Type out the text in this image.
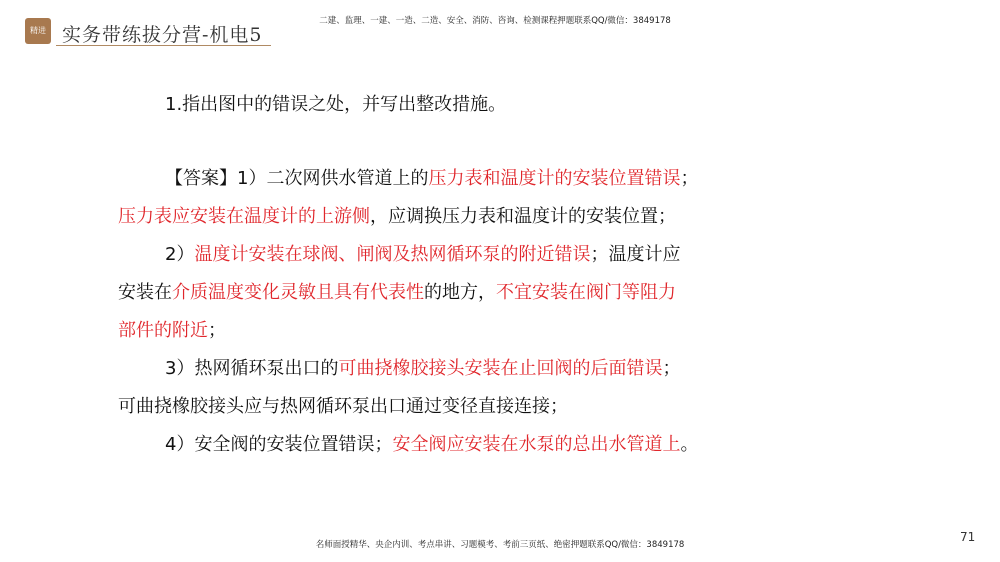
精进 实务带练拔分营-机电5
二建、监理、一建、一造、二造、安全、消防、咨询、检测课程押题联系QQ/微信：3849178
1.指出图中的错误之处，并写出整改措施。
【答案】1）二次网供水管道上的压力表和温度计的安装位置错误；
压力表应安装在温度计的上游侧，应调换压力表和温度计的安装位置；
2）温度计安装在球阀、闸阀及热网循环泵的附近错误；温度计应
安装在介质温度变化灵敏且具有代表性的地方，不宜安装在阀门等阻力
部件的附近；
3）热网循环泵出口的可曲挠橡胶接头安装在止回阀的后面错误；
可曲挠橡胶接头应与热网循环泵出口通过变径直接连接；
4）安全阀的安装位置错误；安全阀应安装在水泵的总出水管道上。
名师面授精华、央企内训、考点串讲、习题模考、考前三页纸、绝密押题联系QQ/微信：3849178
71
